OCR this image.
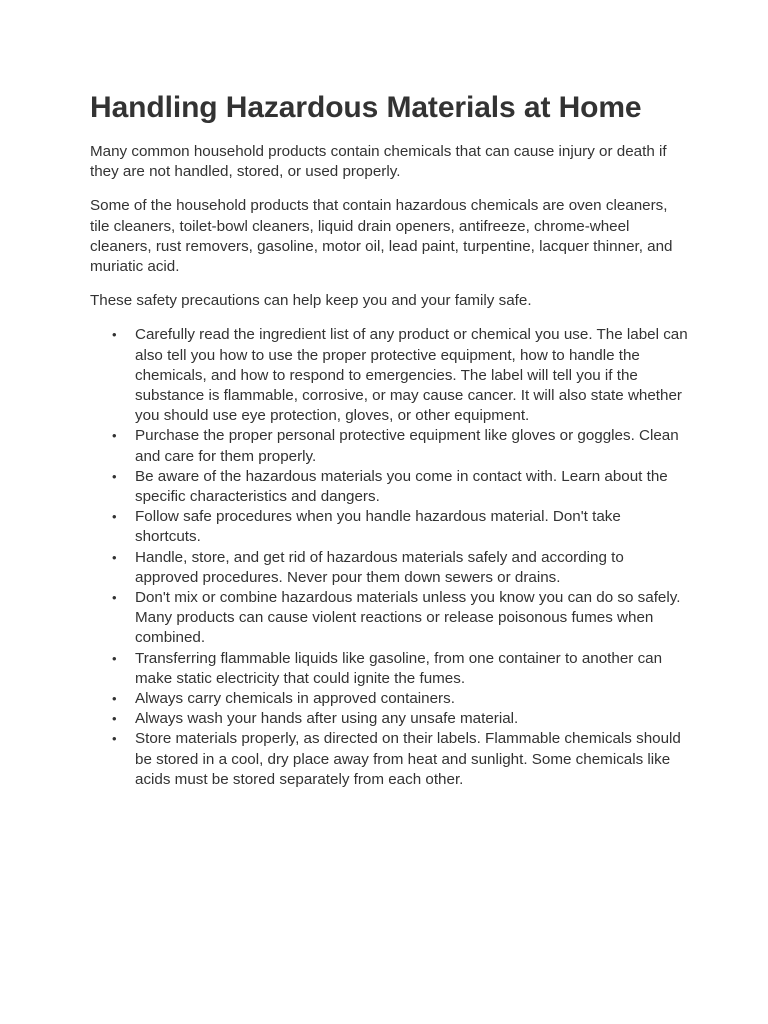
Handling Hazardous Materials at Home

Many common household products contain chemicals that can cause injury or death if they are not handled, stored, or used properly.

Some of the household products that contain hazardous chemicals are oven cleaners, tile cleaners, toilet-bowl cleaners, liquid drain openers, antifreeze, chrome-wheel cleaners, rust removers, gasoline, motor oil, lead paint, turpentine, lacquer thinner, and muriatic acid.

These safety precautions can help keep you and your family safe.

• Carefully read the ingredient list of any product or chemical you use. The label can also tell you how to use the proper protective equipment, how to handle the chemicals, and how to respond to emergencies. The label will tell you if the substance is flammable, corrosive, or may cause cancer. It will also state whether you should use eye protection, gloves, or other equipment.
• Purchase the proper personal protective equipment like gloves or goggles. Clean and care for them properly.
• Be aware of the hazardous materials you come in contact with. Learn about the specific characteristics and dangers.
• Follow safe procedures when you handle hazardous material. Don't take shortcuts.
• Handle, store, and get rid of hazardous materials safely and according to approved procedures. Never pour them down sewers or drains.
• Don't mix or combine hazardous materials unless you know you can do so safely. Many products can cause violent reactions or release poisonous fumes when combined.
• Transferring flammable liquids like gasoline, from one container to another can make static electricity that could ignite the fumes.
• Always carry chemicals in approved containers.
• Always wash your hands after using any unsafe material.
• Store materials properly, as directed on their labels. Flammable chemicals should be stored in a cool, dry place away from heat and sunlight. Some chemicals like acids must be stored separately from each other.
